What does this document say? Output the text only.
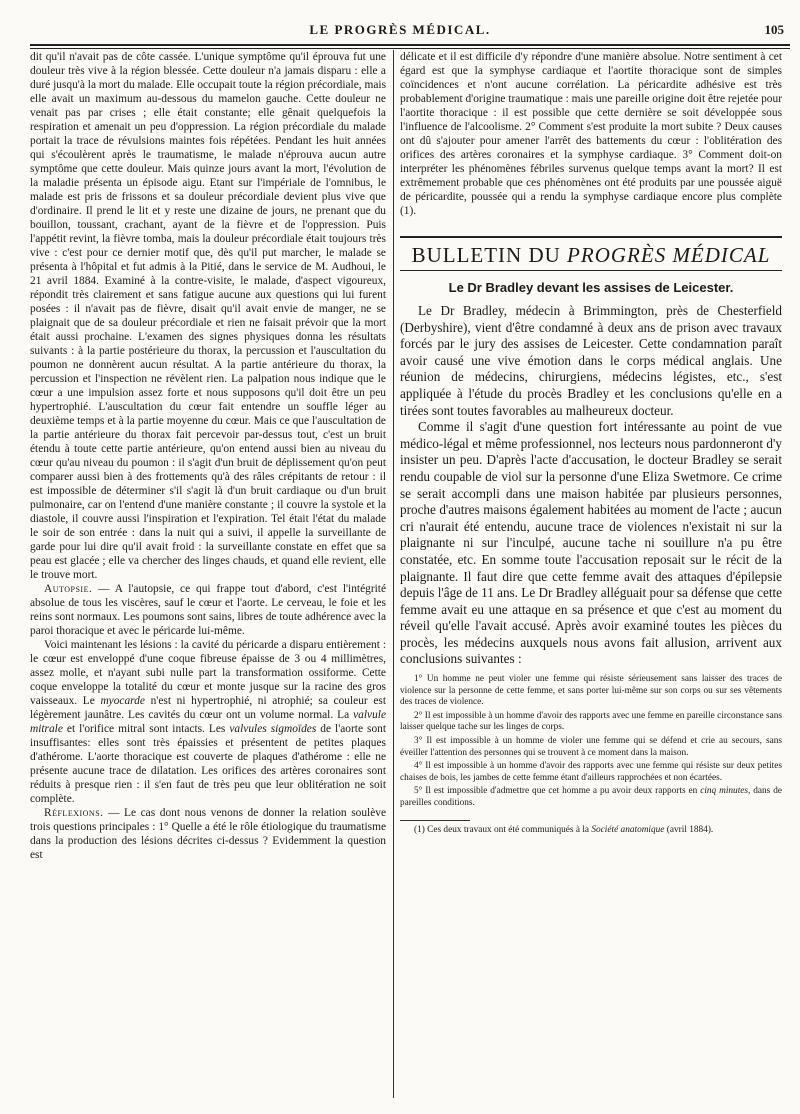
LE PROGRÈS MÉDICAL.	105

dit qu'il n'avait pas de côte cassée. L'unique symptôme qu'il éprouva fut une douleur très vive à la région blessée. Cette douleur n'a jamais disparu : elle a duré jusqu'à la mort du malade. Elle occupait toute la région précordiale, mais elle avait un maximum au-dessous du mamelon gauche. Cette douleur ne venait pas par crises ; elle était constante; elle gênait quelquefois la respiration et amenait un peu d'oppression. La région précordiale du malade portait la trace de révulsions maintes fois répétées. Pendant les huit années qui s'écoulèrent après le traumatisme, le malade n'éprouva aucun autre symptôme que cette douleur. Mais quinze jours avant la mort, l'évolution de la maladie présenta un épisode aigu. Etant sur l'impériale de l'omnibus, le malade est pris de frissons et sa douleur précordiale devient plus vive que d'ordinaire. Il prend le lit et y reste une dizaine de jours, ne prenant que du bouillon, toussant, crachant, ayant de la fièvre et de l'oppression. Puis l'appétit revint, la fièvre tomba, mais la douleur précordiale était toujours très vive : c'est pour ce dernier motif que, dès qu'il put marcher, le malade se présenta à l'hôpital et fut admis à la Pitié, dans le service de M. Audhoui, le 21 avril 1884. Examiné à la contre-visite, le malade, d'aspect vigoureux, répondit très clairement et sans fatigue aucune aux questions qui lui furent posées : il n'avait pas de fièvre, disait qu'il avait envie de manger, ne se plaignait que de sa douleur précordiale et rien ne faisait prévoir que la mort était aussi prochaine. L'examen des signes physiques donna les résultats suivants : à la partie postérieure du thorax, la percussion et l'auscultation du poumon ne donnèrent aucun résultat. A la partie antérieure du thorax, la percussion et l'inspection ne révèlent rien. La palpation nous indique que le cœur a une impulsion assez forte et nous supposons qu'il doit être un peu hypertrophié. L'auscultation du cœur fait entendre un souffle léger au deuxième temps et à la partie moyenne du cœur. Mais ce que l'auscultation de la partie antérieure du thorax fait percevoir par-dessus tout, c'est un bruit étendu à toute cette partie antérieure, qu'on entend aussi bien au niveau du cœur qu'au niveau du poumon : il s'agit d'un bruit de déplissement qu'on peut comparer aussi bien à des frottements qu'à des râles crépitants de retour : il est impossible de déterminer s'il s'agit là d'un bruit cardiaque ou d'un bruit pulmonaire, car on l'entend d'une manière constante ; il couvre la systole et la diastole, il couvre aussi l'inspiration et l'expiration. Tel était l'état du malade le soir de son entrée : dans la nuit qui a suivi, il appelle la surveillante de garde pour lui dire qu'il avait froid : la surveillante constate en effet que sa peau est glacée ; elle va chercher des linges chauds, et quand elle revient, elle le trouve mort.

Autopsie. — A l'autopsie, ce qui frappe tout d'abord, c'est l'intégrité absolue de tous les viscères, sauf le cœur et l'aorte. Le cerveau, le foie et les reins sont normaux. Les poumons sont sains, libres de toute adhérence avec la paroi thoracique et avec le péricarde lui-même.

Voici maintenant les lésions : la cavité du péricarde a disparu entièrement : le cœur est enveloppé d'une coque fibreuse épaisse de 3 ou 4 millimètres, assez molle, et n'ayant subi nulle part la transformation ossiforme. Cette coque enveloppe la totalité du cœur et monte jusque sur la racine des gros vaisseaux. Le myocarde n'est ni hypertrophié, ni atrophié; sa couleur est légèrement jaunâtre. Les cavités du cœur ont un volume normal. La valvule mitrale et l'orifice mitral sont intacts. Les valvules sigmoïdes de l'aorte sont insuffisantes: elles sont très épaissies et présentent de petites plaques d'athérome. L'aorte thoracique est couverte de plaques d'athérome : elle ne présente aucune trace de dilatation. Les orifices des artères coronaires sont réduits à presque rien : il s'en faut de très peu que leur oblitération ne soit complète.

Réflexions. — Le cas dont nous venons de donner la relation soulève trois questions principales : 1° Quelle a été le rôle étiologique du traumatisme dans la production des lésions décrites ci-dessus ? Evidemment la question est

délicate et il est difficile d'y répondre d'une manière absolue. Notre sentiment à cet égard est que la symphyse cardiaque et l'aortite thoracique sont de simples coïncidences et n'ont aucune corrélation. La péricardite adhésive est très probablement d'origine traumatique : mais une pareille origine doit être rejetée pour l'aortite thoracique : il est possible que cette dernière se soit développée sous l'influence de l'alcoolisme. 2° Comment s'est produite la mort subite ? Deux causes ont dû s'ajouter pour amener l'arrêt des battements du cœur : l'oblitération des orifices des artères coronaires et la symphyse cardiaque. 3° Comment doit-on interpréter les phénomènes fébriles survenus quelque temps avant la mort? Il est extrêmement probable que ces phénomènes ont été produits par une poussée aiguë de péricardite, poussée qui a rendu la symphyse cardiaque encore plus complète (1).

BULLETIN DU PROGRÈS MÉDICAL
Le Dr Bradley devant les assises de Leicester.

Le Dr Bradley, médecin à Brimmington, près de Chesterfield (Derbyshire), vient d'être condamné à deux ans de prison avec travaux forcés par le jury des assises de Leicester. Cette condamnation paraît avoir causé une vive émotion dans le corps médical anglais. Une réunion de médecins, chirurgiens, médecins légistes, etc., s'est appliquée à l'étude du procès Bradley et les conclusions qu'elle en a tirées sont toutes favorables au malheureux docteur.

Comme il s'agit d'une question fort intéressante au point de vue médico-légal et même professionnel, nos lecteurs nous pardonneront d'y insister un peu. D'après l'acte d'accusation, le docteur Bradley se serait rendu coupable de viol sur la personne d'une Eliza Swetmore. Ce crime se serait accompli dans une maison habitée par plusieurs personnes, proche d'autres maisons également habitées au moment de l'acte ; aucun cri n'aurait été entendu, aucune trace de violences n'existait ni sur la plaignante ni sur l'inculpé, aucune tache ni souillure n'a pu être constatée, etc. En somme toute l'accusation reposait sur le récit de la plaignante. Il faut dire que cette femme avait des attaques d'épilepsie depuis l'âge de 11 ans. Le Dr Bradley alléguait pour sa défense que cette femme avait eu une attaque en sa présence et que c'est au moment du réveil qu'elle l'avait accusé. Après avoir examiné toutes les pièces du procès, les médecins auxquels nous avons fait allusion, arrivent aux conclusions suivantes :

1° Un homme ne peut violer une femme qui résiste sérieusement sans laisser des traces de violence sur la personne de cette femme, et sans porter lui-même sur son corps ou sur ses vêtements des traces de violence.

2° Il est impossible à un homme d'avoir des rapports avec une femme en pareille circonstance sans laisser quelque tache sur les linges de corps.

3° Il est impossible à un homme de violer une femme qui se défend et crie au secours, sans éveiller l'attention des personnes qui se trouvent à ce moment dans la maison.

4° Il est impossible à un homme d'avoir des rapports avec une femme qui résiste sur deux petites chaises de bois, les jambes de cette femme étant d'ailleurs rapprochées et non écartées.

5° Il est impossible d'admettre que cet homme a pu avoir deux rapports en cinq minutes, dans de pareilles conditions.

(1) Ces deux travaux ont été communiqués à la Société anatomique (avril 1884).
